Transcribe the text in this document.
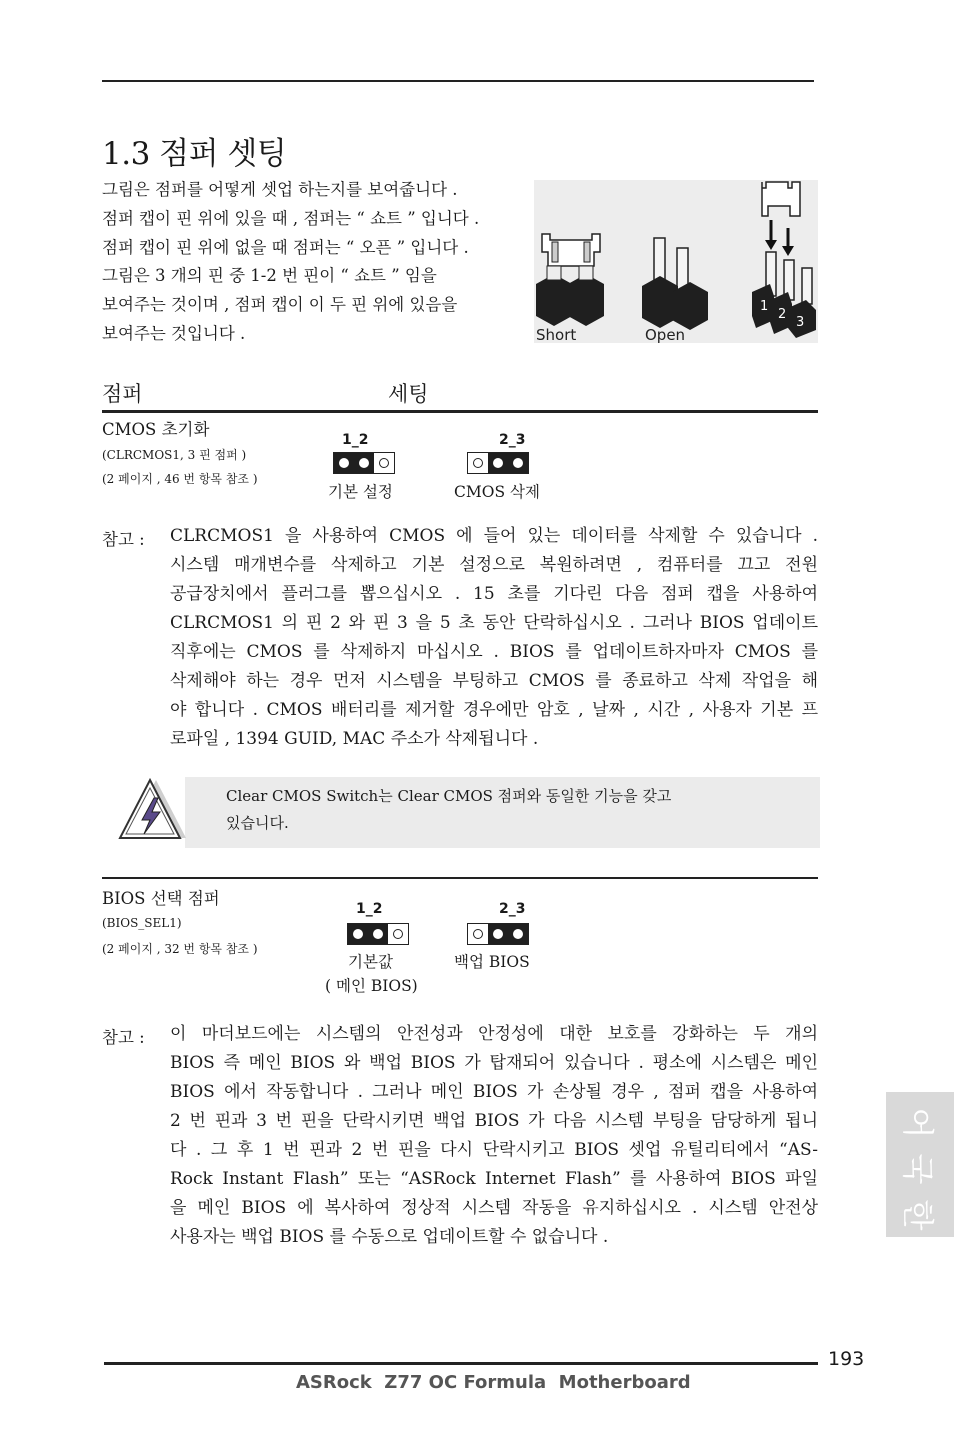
1.3 점퍼 셋팅
그림은 점퍼를 어떻게 셋업 하는지를 보여줍니다 .
점퍼 캡이 핀 위에 있을 때 , 점퍼는 “ 쇼트 ” 입니다 .
점퍼 캡이 핀 위에 없을 때 점퍼는 “ 오픈 ” 입니다 .
그림은 3 개의 핀 중 1-2 번 핀이 “ 쇼트 ” 임을
보여주는 것이며 , 점퍼 캡이 이 두 핀 위에 있음을
보여주는 것입니다 .	Short	Open
1
2
3
점퍼	세팅
CMOS 초기화
(CLRCMOS1, 3 핀 점퍼 )
(2 페이지 , 46 번 항목 참조 )
1_2
기본 설정
2_3
CMOS 삭제
참고 : CLRCMOS1 을 사용하여 CMOS 에 들어 있는 데이터를 삭제할 수 있습니다 .
시스템 매개변수를 삭제하고 기본 설정으로 복원하려면 , 컴퓨터를 끄고 전원
공급장치에서 플러그를 뽑으십시오 . 15 초를 기다린 다음 점퍼 캡을 사용하여
CLRCMOS1 의 핀 2 와 핀 3 을 5 초 동안 단락하십시오 . 그러나 BIOS 업데이트
직후에는 CMOS 를 삭제하지 마십시오 . BIOS 를 업데이트하자마자 CMOS 를
삭제해야 하는 경우 먼저 시스템을 부팅하고 CMOS 를 종료하고 삭제 작업을 해
야 합니다 . CMOS 배터리를 제거할 경우에만 암호 , 날짜 , 시간 , 사용자 기본 프
로파일 , 1394 GUID, MAC 주소가 삭제됩니다 .
Clear CMOS Switch는 Clear CMOS 점퍼와 동일한 기능을 갖고
있습니다.
BIOS 선택 점퍼
(BIOS_SEL1)
(2 페이지 , 32 번 항목 참조 )
1_2
기본값
( 메인 BIOS)
2_3
백업 BIOS
참고 : 이 마더보드에는 시스템의 안전성과 안정성에 대한 보호를 강화하는 두 개의
BIOS 즉 메인 BIOS 와 백업 BIOS 가 탑재되어 있습니다 . 평소에 시스템은 메인
BIOS 에서 작동합니다 . 그러나 메인 BIOS 가 손상될 경우 , 점퍼 캡을 사용하여
2 번 핀과 3 번 핀을 단락시키면 백업 BIOS 가 다음 시스템 부팅을 담당하게 됩니
다 . 그 후 1 번 핀과 2 번 핀을 다시 단락시키고 BIOS 셋업 유틸리티에서 “AS-
Rock Instant Flash” 또는 “ASRock Internet Flash” 를 사용하여 BIOS 파일
을 메인 BIOS 에 복사하여 정상적 시스템 작동을 유지하십시오 . 시스템 안전상
사용자는 백업 BIOS 를 수동으로 업데이트할 수 없습니다 .
한
국
어
193
ASRock  Z77 OC Formula  Motherboard
